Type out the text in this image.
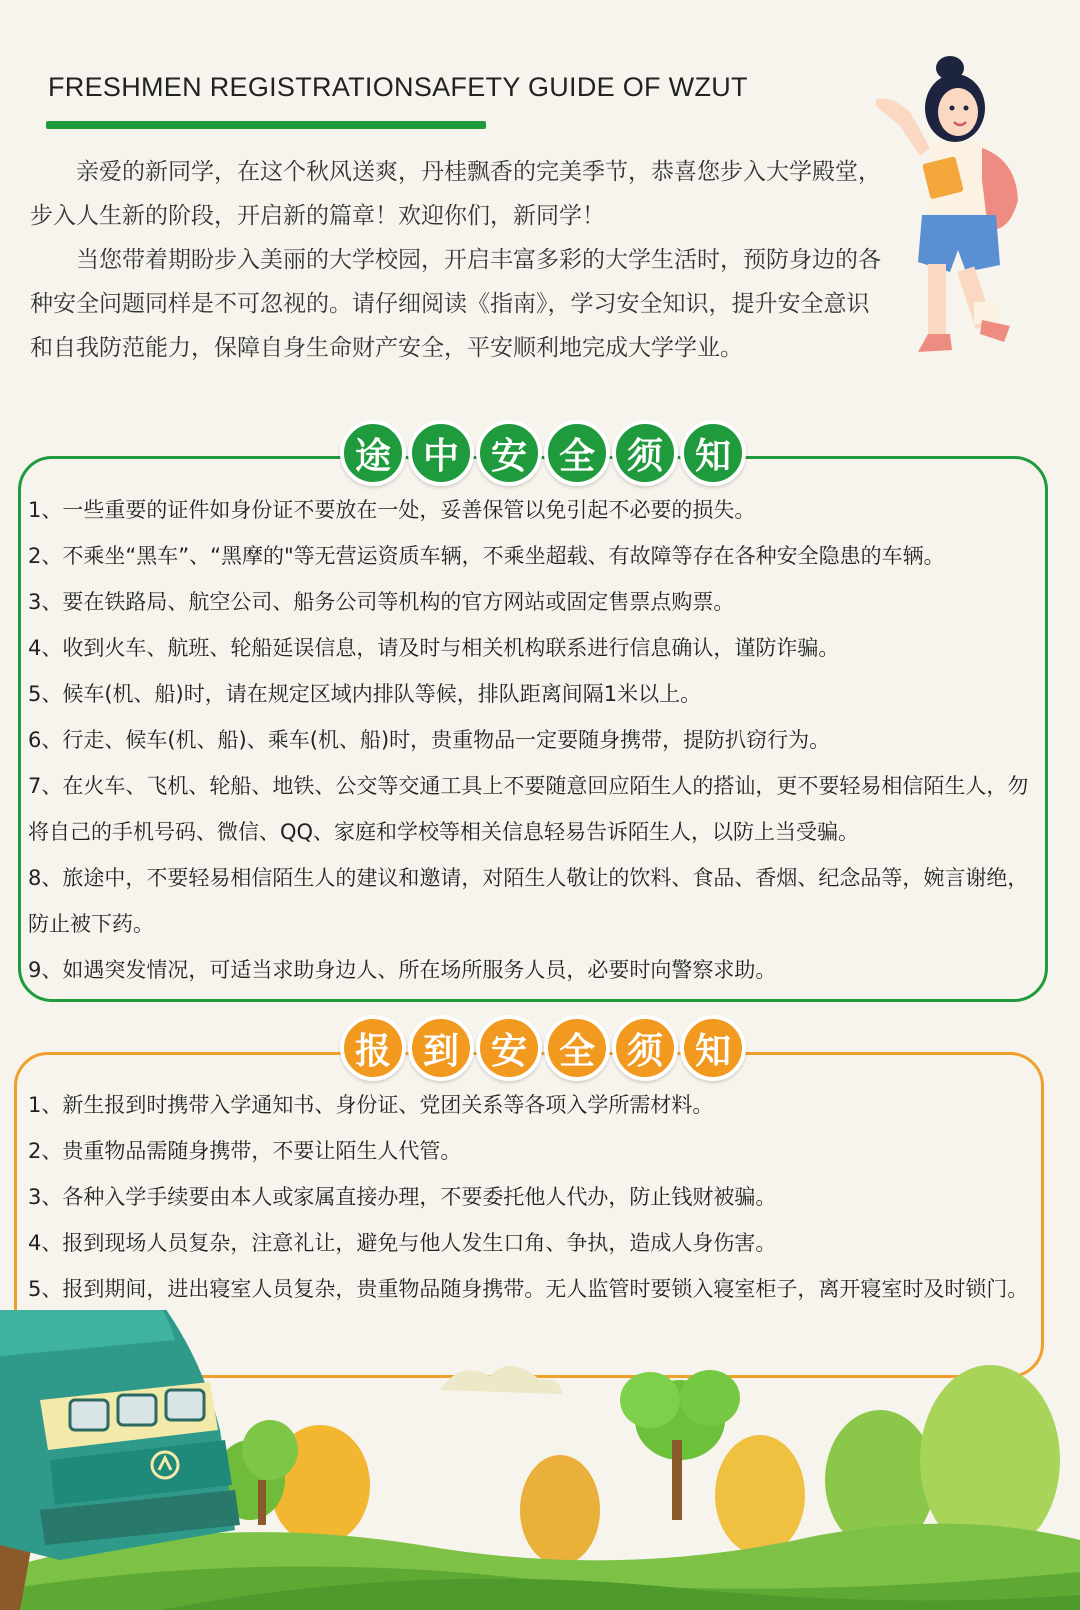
FRESHMEN REGISTRATIONSAFETY GUIDE OF WZUT

亲爱的新同学，在这个秋风送爽，丹桂飘香的完美季节，恭喜您步入大学殿堂，步入人生新的阶段，开启新的篇章！欢迎你们，新同学！

当您带着期盼步入美丽的大学校园，开启丰富多彩的大学生活时，预防身边的各种安全问题同样是不可忽视的。请仔细阅读《指南》，学习安全知识，提升安全意识和自我防范能力，保障自身生命财产安全，平安顺利地完成大学学业。

途 中 安 全 须 知
1、一些重要的证件如身份证不要放在一处，妥善保管以免引起不必要的损失。
2、不乘坐“黑车”、“黑摩的"等无营运资质车辆，不乘坐超载、有故障等存在各种安全隐患的车辆。
3、要在铁路局、航空公司、船务公司等机构的官方网站或固定售票点购票。
4、收到火车、航班、轮船延误信息，请及时与相关机构联系进行信息确认，谨防诈骗。
5、候车(机、船)时，请在规定区域内排队等候，排队距离间隔1米以上。
6、行走、候车(机、船)、乘车(机、船)时，贵重物品一定要随身携带，提防扒窃行为。
7、在火车、飞机、轮船、地铁、公交等交通工具上不要随意回应陌生人的搭讪，更不要轻易相信陌生人，勿将自己的手机号码、微信、QQ、家庭和学校等相关信息轻易告诉陌生人，以防上当受骗。
8、旅途中，不要轻易相信陌生人的建议和邀请，对陌生人敬让的饮料、食品、香烟、纪念品等，婉言谢绝，防止被下药。
9、如遇突发情况，可适当求助身边人、所在场所服务人员，必要时向警察求助。
报 到 安 全 须 知
1、新生报到时携带入学通知书、身份证、党团关系等各项入学所需材料。
2、贵重物品需随身携带，不要让陌生人代管。
3、各种入学手续要由本人或家属直接办理，不要委托他人代办，防止钱财被骗。
4、报到现场人员复杂，注意礼让，避免与他人发生口角、争执，造成人身伤害。
5、报到期间，进出寝室人员复杂，贵重物品随身携带。无人监管时要锁入寝室柜子，离开寝室时及时锁门。
